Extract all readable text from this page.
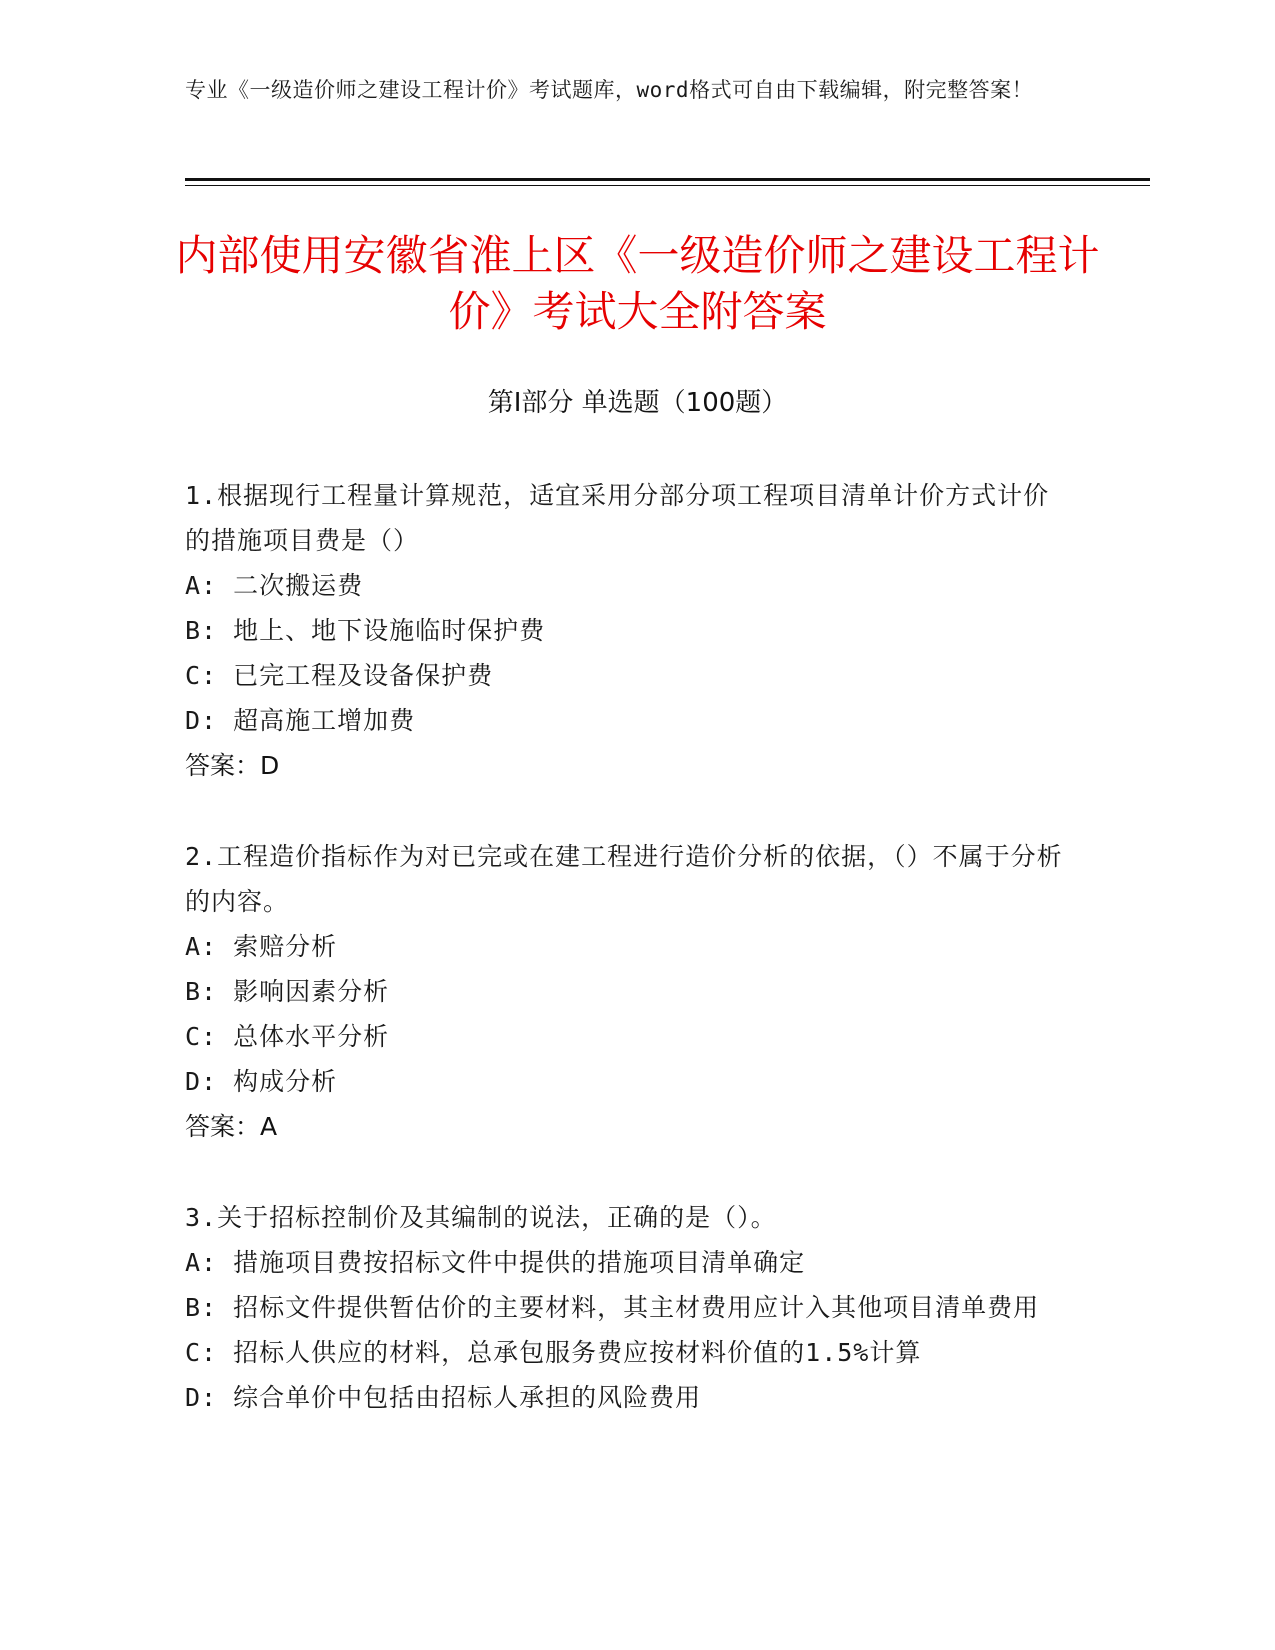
专业《一级造价师之建设工程计价》考试题库，word格式可自由下载编辑，附完整答案！
内部使用安徽省淮上区《一级造价师之建设工程计价》考试大全附答案
第Ⅰ部分 单选题（100题）

1.根据现行工程量计算规范，适宜采用分部分项工程项目清单计价方式计价的措施项目费是（）

A: 二次搬运费

B: 地上、地下设施临时保护费

C: 已完工程及设备保护费

D: 超高施工增加费

答案：D

2.工程造价指标作为对已完或在建工程进行造价分析的依据，（）不属于分析的内容。

A: 索赔分析

B: 影响因素分析

C: 总体水平分析

D: 构成分析

答案：A

3.关于招标控制价及其编制的说法，正确的是（）。

A: 措施项目费按招标文件中提供的措施项目清单确定

B: 招标文件提供暂估价的主要材料，其主材费用应计入其他项目清单费用

C: 招标人供应的材料，总承包服务费应按材料价值的1.5%计算

D: 综合单价中包括由招标人承担的风险费用
